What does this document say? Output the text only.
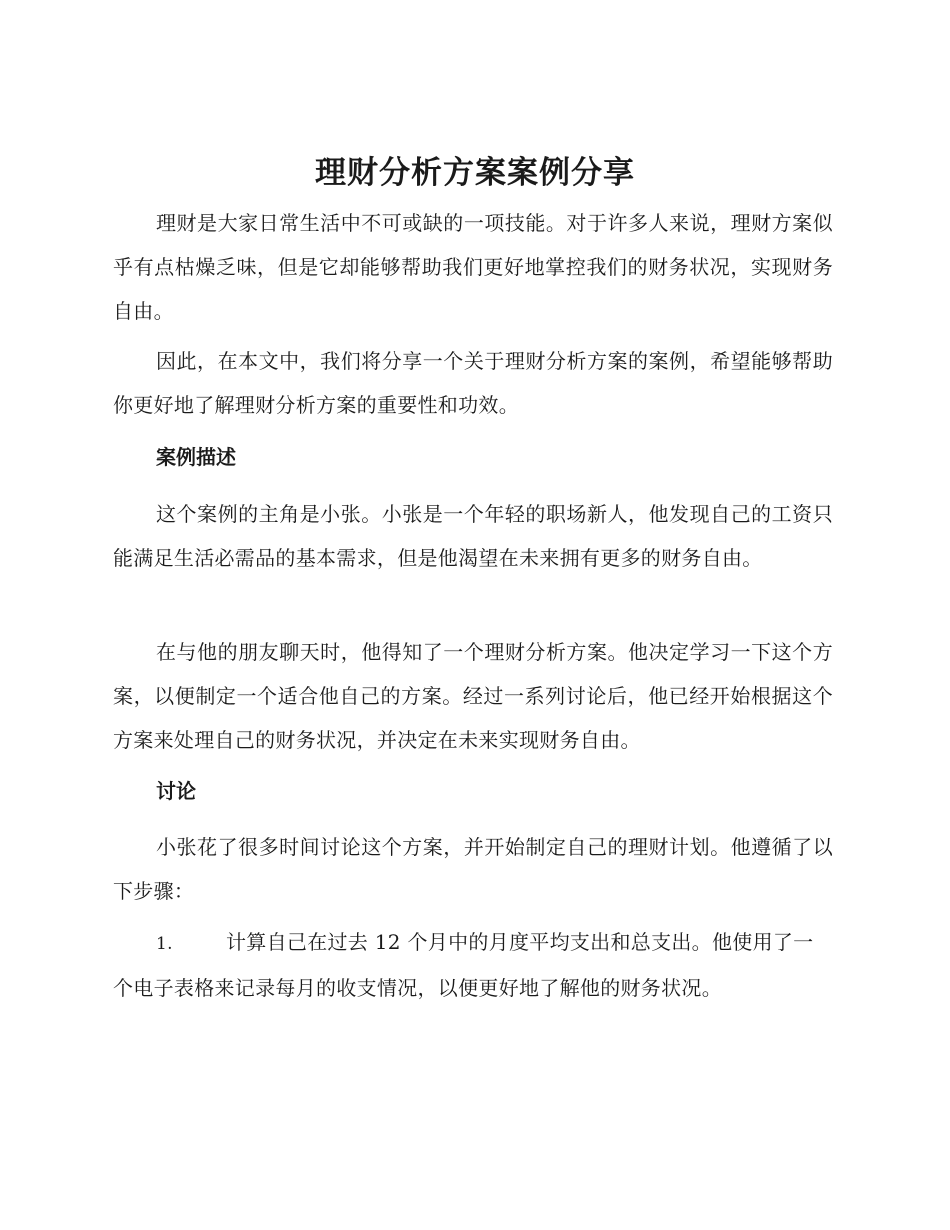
理财分析方案案例分享

理财是大家日常生活中不可或缺的一项技能。对于许多人来说，理财方案似乎有点枯燥乏味，但是它却能够帮助我们更好地掌控我们的财务状况，实现财务自由。

因此，在本文中，我们将分享一个关于理财分析方案的案例，希望能够帮助你更好地了解理财分析方案的重要性和功效。

案例描述

这个案例的主角是小张。小张是一个年轻的职场新人，他发现自己的工资只能满足生活必需品的基本需求，但是他渴望在未来拥有更多的财务自由。

在与他的朋友聊天时，他得知了一个理财分析方案。他决定学习一下这个方案，以便制定一个适合他自己的方案。经过一系列讨论后，他已经开始根据这个方案来处理自己的财务状况，并决定在未来实现财务自由。

讨论

小张花了很多时间讨论这个方案，并开始制定自己的理财计划。他遵循了以下步骤：

1.	计算自己在过去 12 个月中的月度平均支出和总支出。他使用了一个电子表格来记录每月的收支情况，以便更好地了解他的财务状况。
